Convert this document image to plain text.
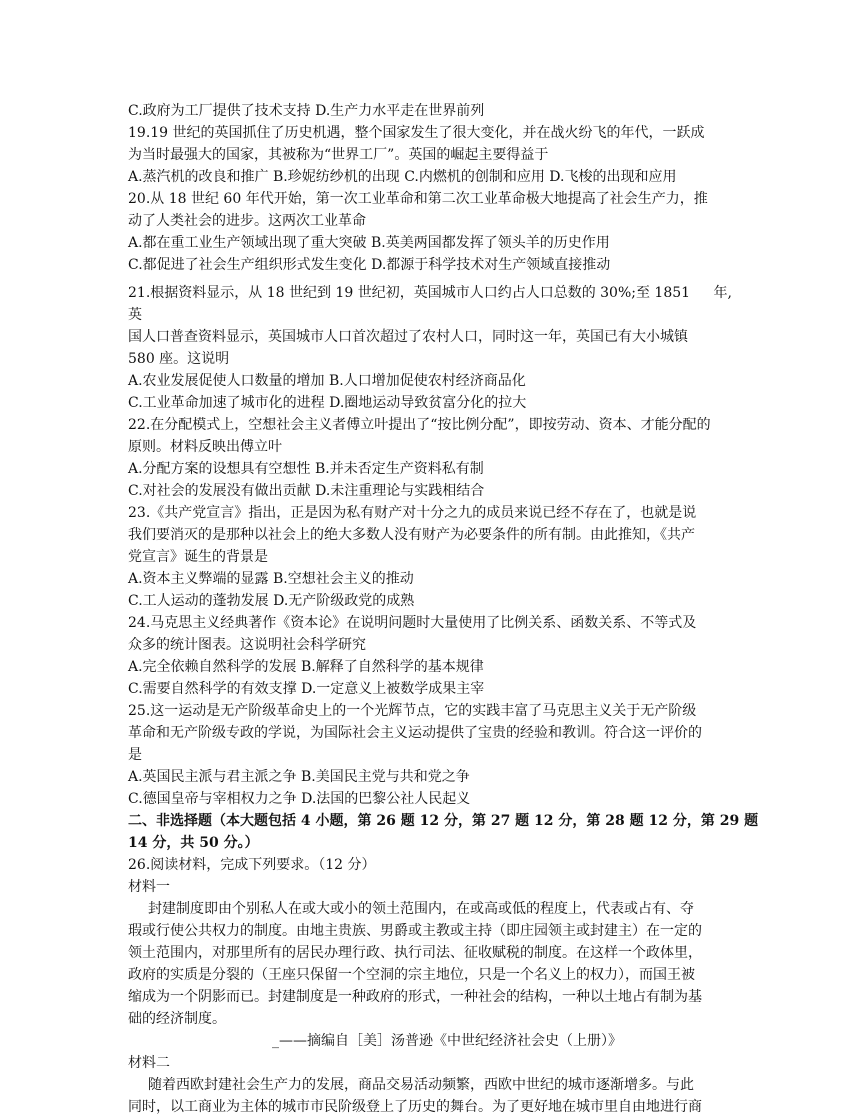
C.政府为工厂提供了技术支持 D.生产力水平走在世界前列
19.19 世纪的英国抓住了历史机遇，整个国家发生了很大变化，并在战火纷飞的年代，一跃成
为当时最强大的国家，其被称为“世界工厂”。英国的崛起主要得益于
A.蒸汽机的改良和推广 B.珍妮纺纱机的出现 C.内燃机的创制和应用 D.飞梭的出现和应用
20.从 18 世纪 60 年代开始，第一次工业革命和第二次工业革命极大地提高了社会生产力，推
动了人类社会的进步。这两次工业革命
A.都在重工业生产领域出现了重大突破 B.英美两国都发挥了领头羊的历史作用
C.都促进了社会生产组织形式发生变化 D.都源于科学技术对生产领域直接推动
21.根据资料显示，从 18 世纪到 19 世纪初，英国城市人口约占人口总数的 30%;至 1851 年,
英
国人口普查资料显示，英国城市人口首次超过了农村人口，同时这一年，英国已有大小城镇
580 座。这说明
A.农业发展促使人口数量的增加 B.人口增加促使农村经济商品化
C.工业革命加速了城市化的进程 D.圈地运动导致贫富分化的拉大
22.在分配模式上，空想社会主义者傅立叶提出了“按比例分配”，即按劳动、资本、才能分配的
原则。材料反映出傅立叶
A.分配方案的设想具有空想性 B.并未否定生产资料私有制
C.对社会的发展没有做出贡献 D.未注重理论与实践相结合
23.《共产党宣言》指出，正是因为私有财产对十分之九的成员来说已经不存在了，也就是说
我们要消灭的是那种以社会上的绝大多数人没有财产为必要条件的所有制。由此推知，《共产
党宣言》诞生的背景是
A.资本主义弊端的显露 B.空想社会主义的推动
C.工人运动的蓬勃发展 D.无产阶级政党的成熟
24.马克思主义经典著作《资本论》在说明问题时大量使用了比例关系、函数关系、不等式及
众多的统计图表。这说明社会科学研究
A.完全依赖自然科学的发展 B.解释了自然科学的基本规律
C.需要自然科学的有效支撑 D.一定意义上被数学成果主宰
25.这一运动是无产阶级革命史上的一个光辉节点，它的实践丰富了马克思主义关于无产阶级
革命和无产阶级专政的学说，为国际社会主义运动提供了宝贵的经验和教训。符合这一评价的
是
A.英国民主派与君主派之争 B.美国民主党与共和党之争
C.德国皇帝与宰相权力之争 D.法国的巴黎公社人民起义
二、非选择题（本大题包括 4 小题，第 26 题 12 分，第 27 题 12 分，第 28 题 12 分，第 29 题
14 分，共 50 分。）
26.阅读材料，完成下列要求。（12 分）
材料一
封建制度即由个别私人在或大或小的领土范围内，在或高或低的程度上，代表或占有、夺
瑕或行使公共权力的制度。由地主贵族、男爵或主教或主持（即庄园领主或封建主）在一定的
领土范围内，对那里所有的居民办理行政、执行司法、征收赋税的制度。在这样一个政体里，
政府的实质是分裂的（王座只保留一个空洞的宗主地位，只是一个名义上的权力），而国王被
缩成为一个阴影而已。封建制度是一种政府的形式，一种社会的结构，一种以土地占有制为基
础的经济制度。
_——摘编自［美］汤普逊《中世纪经济社会史（上册）》
材料二
随着西欧封建社会生产力的发展，商品交易活动频繁，西欧中世纪的城市逐渐增多。与此
同时，以工商业为主体的城市市民阶级登上了历史的舞台。为了更好地在城市里自由地进行商
